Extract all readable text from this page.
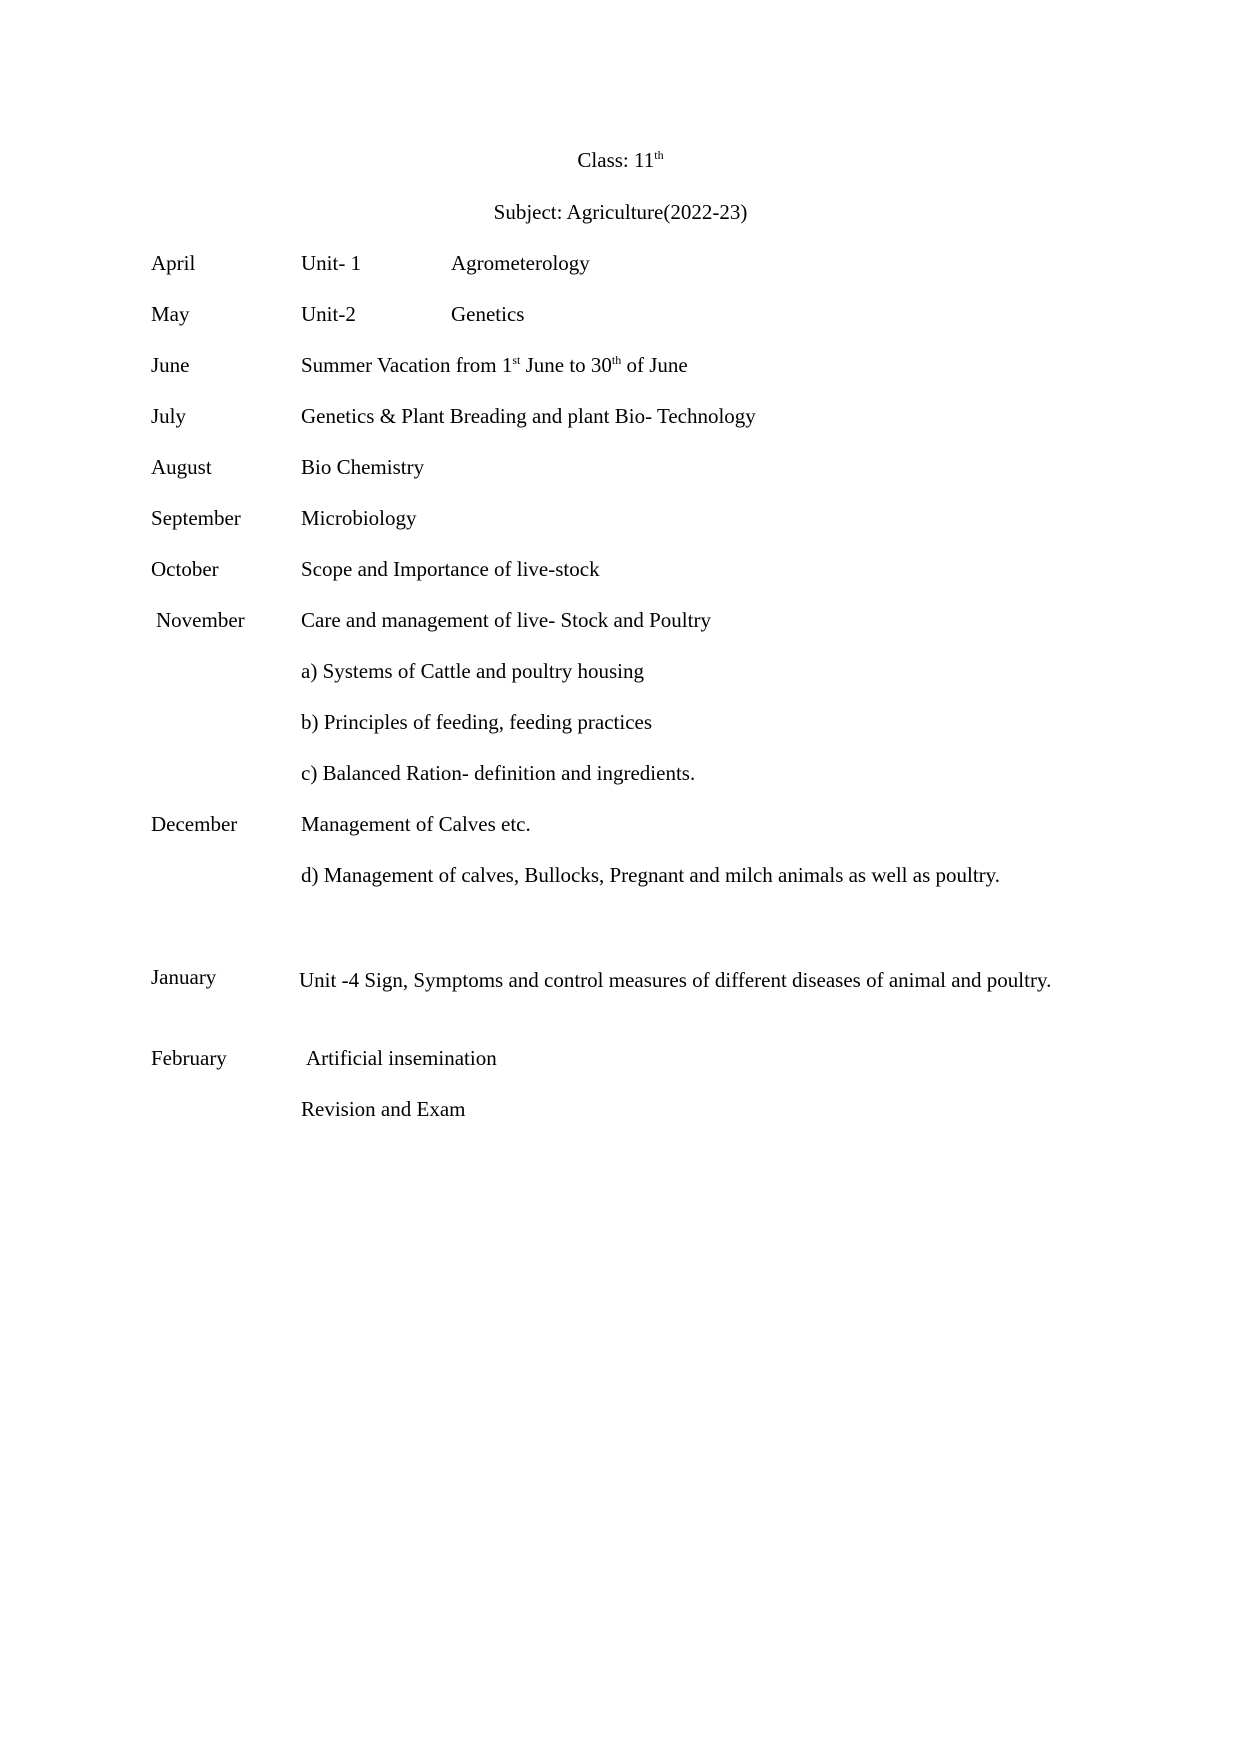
Class: 11th
Subject: Agriculture(2022-23)
April	Unit- 1	Agrometerology
May	Unit-2	Genetics
June	Summer Vacation from 1st June to 30th of June
July	Genetics & Plant Breading and plant Bio- Technology
August	Bio Chemistry
September	Microbiology
October	Scope and Importance of live-stock
November	Care and management of live- Stock and Poultry
a) Systems of Cattle and poultry housing
b) Principles of feeding, feeding practices
c) Balanced Ration- definition and ingredients.
December	Management of Calves etc.
d) Management of calves, Bullocks, Pregnant and milch animals as well as poultry.
January	Unit -4 Sign, Symptoms and control measures of different diseases of animal and poultry.
February	Artificial insemination
Revision and Exam
